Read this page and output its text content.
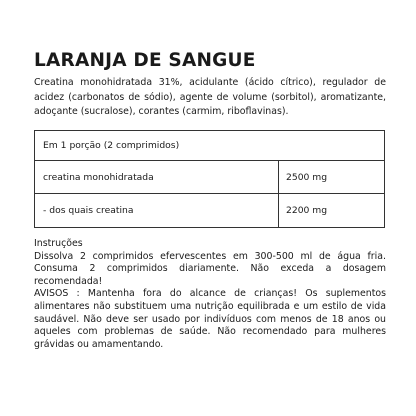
LARANJA DE SANGUE
Creatina monohidratada 31%, acidulante (ácido cítrico), regulador de acidez (carbonatos de sódio), agente de volume (sorbitol), aromatizante, adoçante (sucralose), corantes (carmim, riboflavinas).
Em 1 porção (2 comprimidos)
creatina monohidratada	2500 mg
- dos quais creatina	2200 mg

Instruções

Dissolva 2 comprimidos efervescentes em 300-500 ml de água fria. Consuma 2 comprimidos diariamente. Não exceda a dosagem recomendada!

AVISOS : Mantenha fora do alcance de crianças! Os suplementos alimentares não substituem uma nutrição equilibrada e um estilo de vida saudável. Não deve ser usado por indivíduos com menos de 18 anos ou aqueles com problemas de saúde. Não recomendado para mulheres grávidas ou amamentando.
